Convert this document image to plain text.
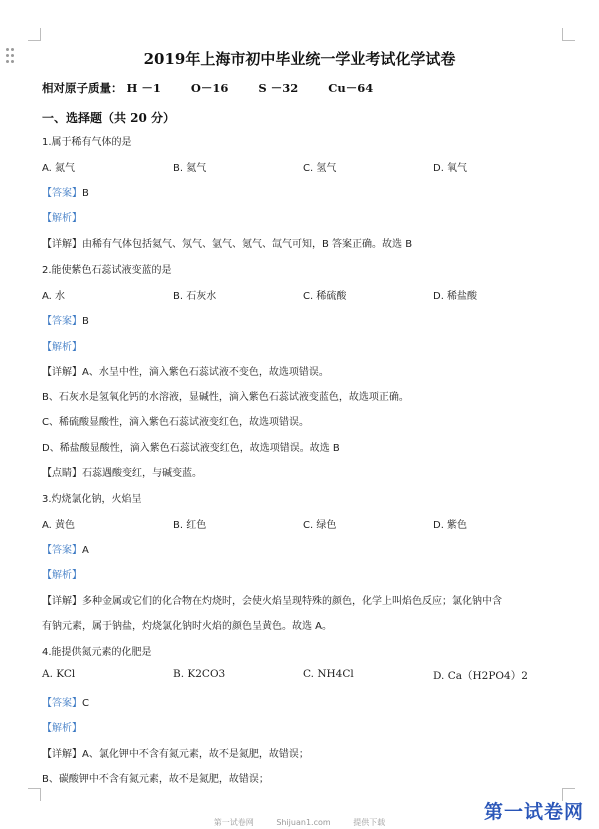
2019年上海市初中毕业统一学业考试化学试卷
相对原子质量： H －1	O－16	S －32	Cu－64
一、选择题（共 20 分）
1.属于稀有气体的是
A. 氮气	B. 氦气	C. 氢气	D. 氧气
【答案】B
【解析】
【详解】由稀有气体包括氦气、氖气、氩气、氪气、氙气可知，B 答案正确。故选 B
2.能使紫色石蕊试液变蓝的是
A. 水	B. 石灰水	C. 稀硫酸	D. 稀盐酸
【答案】B
【解析】
【详解】A、水呈中性，滴入紫色石蕊试液不变色，故选项错误。
B、石灰水是氢氧化钙的水溶液，显碱性，滴入紫色石蕊试液变蓝色，故选项正确。
C、稀硫酸显酸性，滴入紫色石蕊试液变红色，故选项错误。
D、稀盐酸显酸性，滴入紫色石蕊试液变红色，故选项错误。故选 B
【点睛】石蕊遇酸变红，与碱变蓝。
3.灼烧氯化钠，火焰呈
A. 黄色	B. 红色	C. 绿色	D. 紫色
【答案】A
【解析】
【详解】多种金属或它们的化合物在灼烧时，会使火焰呈现特殊的颜色，化学上叫焰色反应；氯化钠中含
有钠元素，属于钠盐，灼烧氯化钠时火焰的颜色呈黄色。故选 A。
4.能提供氮元素的化肥是
A. KCl	B. K2CO3	C. NH4Cl	D. Ca（H2PO4）2
【答案】C
【解析】
【详解】A、氯化钾中不含有氮元素，故不是氮肥，故错误；
B、碳酸钾中不含有氮元素，故不是氮肥，故错误；
第一试卷网
第一试卷网	Shijuan1.com	提供下载
